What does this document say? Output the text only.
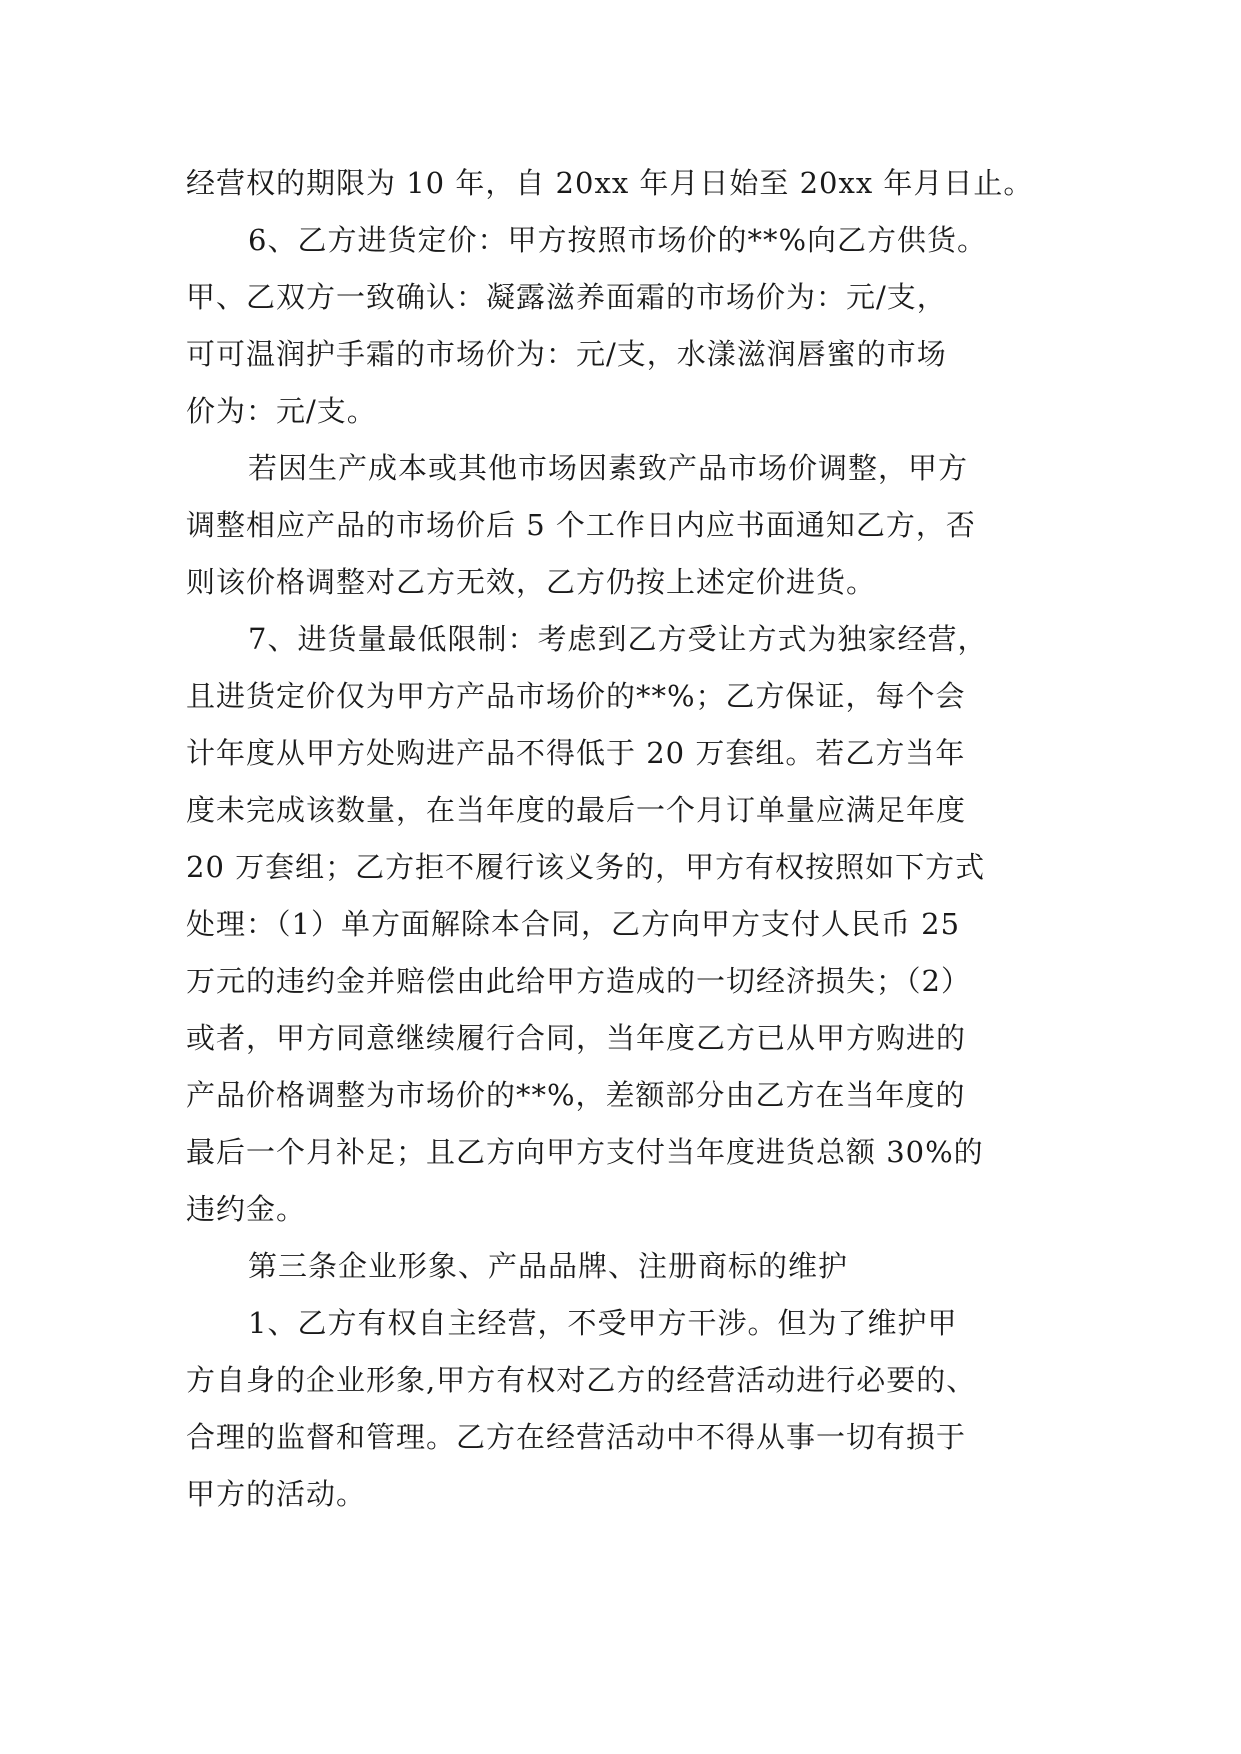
经营权的期限为 10 年，自 20xx 年月日始至 20xx 年月日止。
6、乙方进货定价：甲方按照市场价的**%向乙方供货。
甲、乙双方一致确认：凝露滋养面霜的市场价为：元/支，
可可温润护手霜的市场价为：元/支，水漾滋润唇蜜的市场
价为：元/支。
若因生产成本或其他市场因素致产品市场价调整，甲方
调整相应产品的市场价后 5 个工作日内应书面通知乙方，否
则该价格调整对乙方无效，乙方仍按上述定价进货。
7、进货量最低限制：考虑到乙方受让方式为独家经营，
且进货定价仅为甲方产品市场价的**%；乙方保证，每个会
计年度从甲方处购进产品不得低于 20 万套组。若乙方当年
度未完成该数量，在当年度的最后一个月订单量应满足年度
20 万套组；乙方拒不履行该义务的，甲方有权按照如下方式
处理：（1）单方面解除本合同，乙方向甲方支付人民币 25
万元的违约金并赔偿由此给甲方造成的一切经济损失；（2）
或者，甲方同意继续履行合同，当年度乙方已从甲方购进的
产品价格调整为市场价的**%，差额部分由乙方在当年度的
最后一个月补足；且乙方向甲方支付当年度进货总额 30%的
违约金。
第三条企业形象、产品品牌、注册商标的维护
1、乙方有权自主经营，不受甲方干涉。但为了维护甲
方自身的企业形象,甲方有权对乙方的经营活动进行必要的、
合理的监督和管理。乙方在经营活动中不得从事一切有损于
甲方的活动。
